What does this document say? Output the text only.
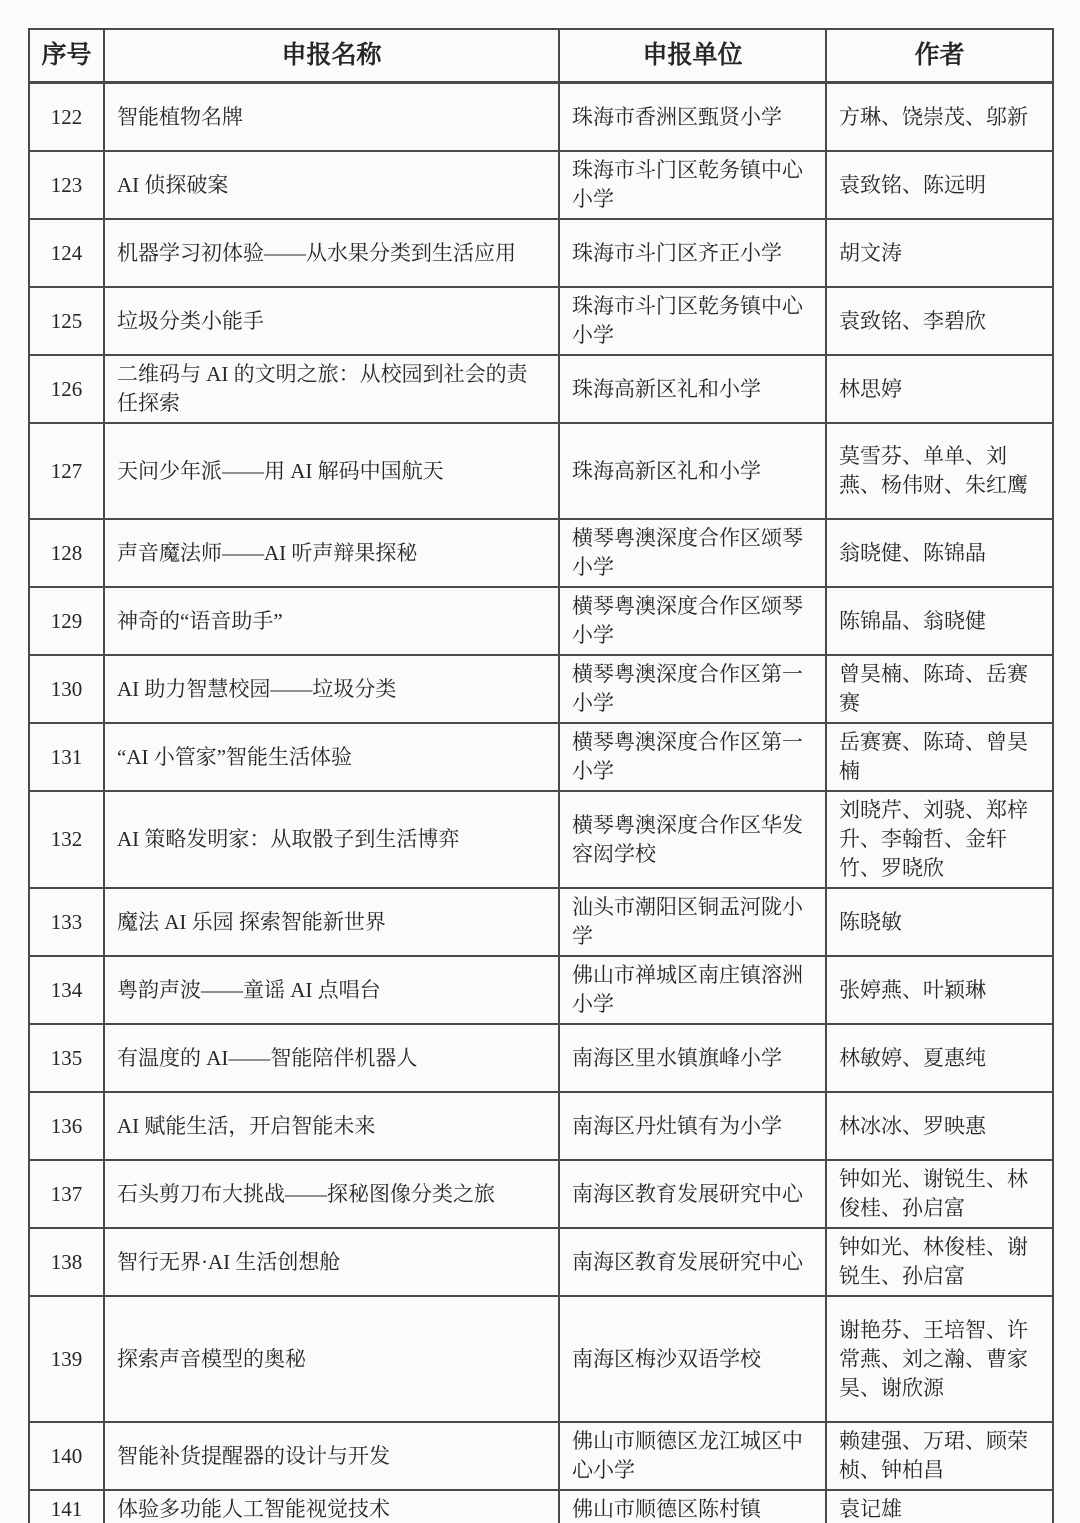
序号	申报名称	申报单位	作者
122	智能植物名牌	珠海市香洲区甄贤小学	方琳、饶崇茂、邬新
123	AI 侦探破案	珠海市斗门区乾务镇中心小学	袁致铭、陈远明
124	机器学习初体验——从水果分类到生活应用	珠海市斗门区齐正小学	胡文涛
125	垃圾分类小能手	珠海市斗门区乾务镇中心小学	袁致铭、李碧欣
126	二维码与 AI 的文明之旅：从校园到社会的责任探索	珠海高新区礼和小学	林思婷
127	天问少年派——用 AI 解码中国航天	珠海高新区礼和小学	莫雪芬、单单、刘燕、杨伟财、朱红鹰
128	声音魔法师——AI 听声辩果探秘	横琴粤澳深度合作区颂琴小学	翁晓健、陈锦晶
129	神奇的“语音助手”	横琴粤澳深度合作区颂琴小学	陈锦晶、翁晓健
130	AI 助力智慧校园——垃圾分类	横琴粤澳深度合作区第一小学	曾昊楠、陈琦、岳赛赛
131	“AI 小管家”智能生活体验	横琴粤澳深度合作区第一小学	岳赛赛、陈琦、曾昊楠
132	AI 策略发明家：从取骰子到生活博弈	横琴粤澳深度合作区华发容闳学校	刘晓芹、刘骁、郑梓升、李翰哲、金轩竹、罗晓欣
133	魔法 AI 乐园 探索智能新世界	汕头市潮阳区铜盂河陇小学	陈晓敏
134	粤韵声波——童谣 AI 点唱台	佛山市禅城区南庄镇溶洲小学	张婷燕、叶颖琳
135	有温度的 AI——智能陪伴机器人	南海区里水镇旗峰小学	林敏婷、夏惠纯
136	AI 赋能生活，开启智能未来	南海区丹灶镇有为小学	林冰冰、罗映惠
137	石头剪刀布大挑战——探秘图像分类之旅	南海区教育发展研究中心	钟如光、谢锐生、林俊桂、孙启富
138	智行无界·AI 生活创想舱	南海区教育发展研究中心	钟如光、林俊桂、谢锐生、孙启富
139	探索声音模型的奥秘	南海区梅沙双语学校	谢艳芬、王培智、许常燕、刘之瀚、曹家昊、谢欣源
140	智能补货提醒器的设计与开发	佛山市顺德区龙江城区中心小学	赖建强、万珺、顾荣桢、钟柏昌
141	体验多功能人工智能视觉技术	佛山市顺德区陈村镇	袁记雄
